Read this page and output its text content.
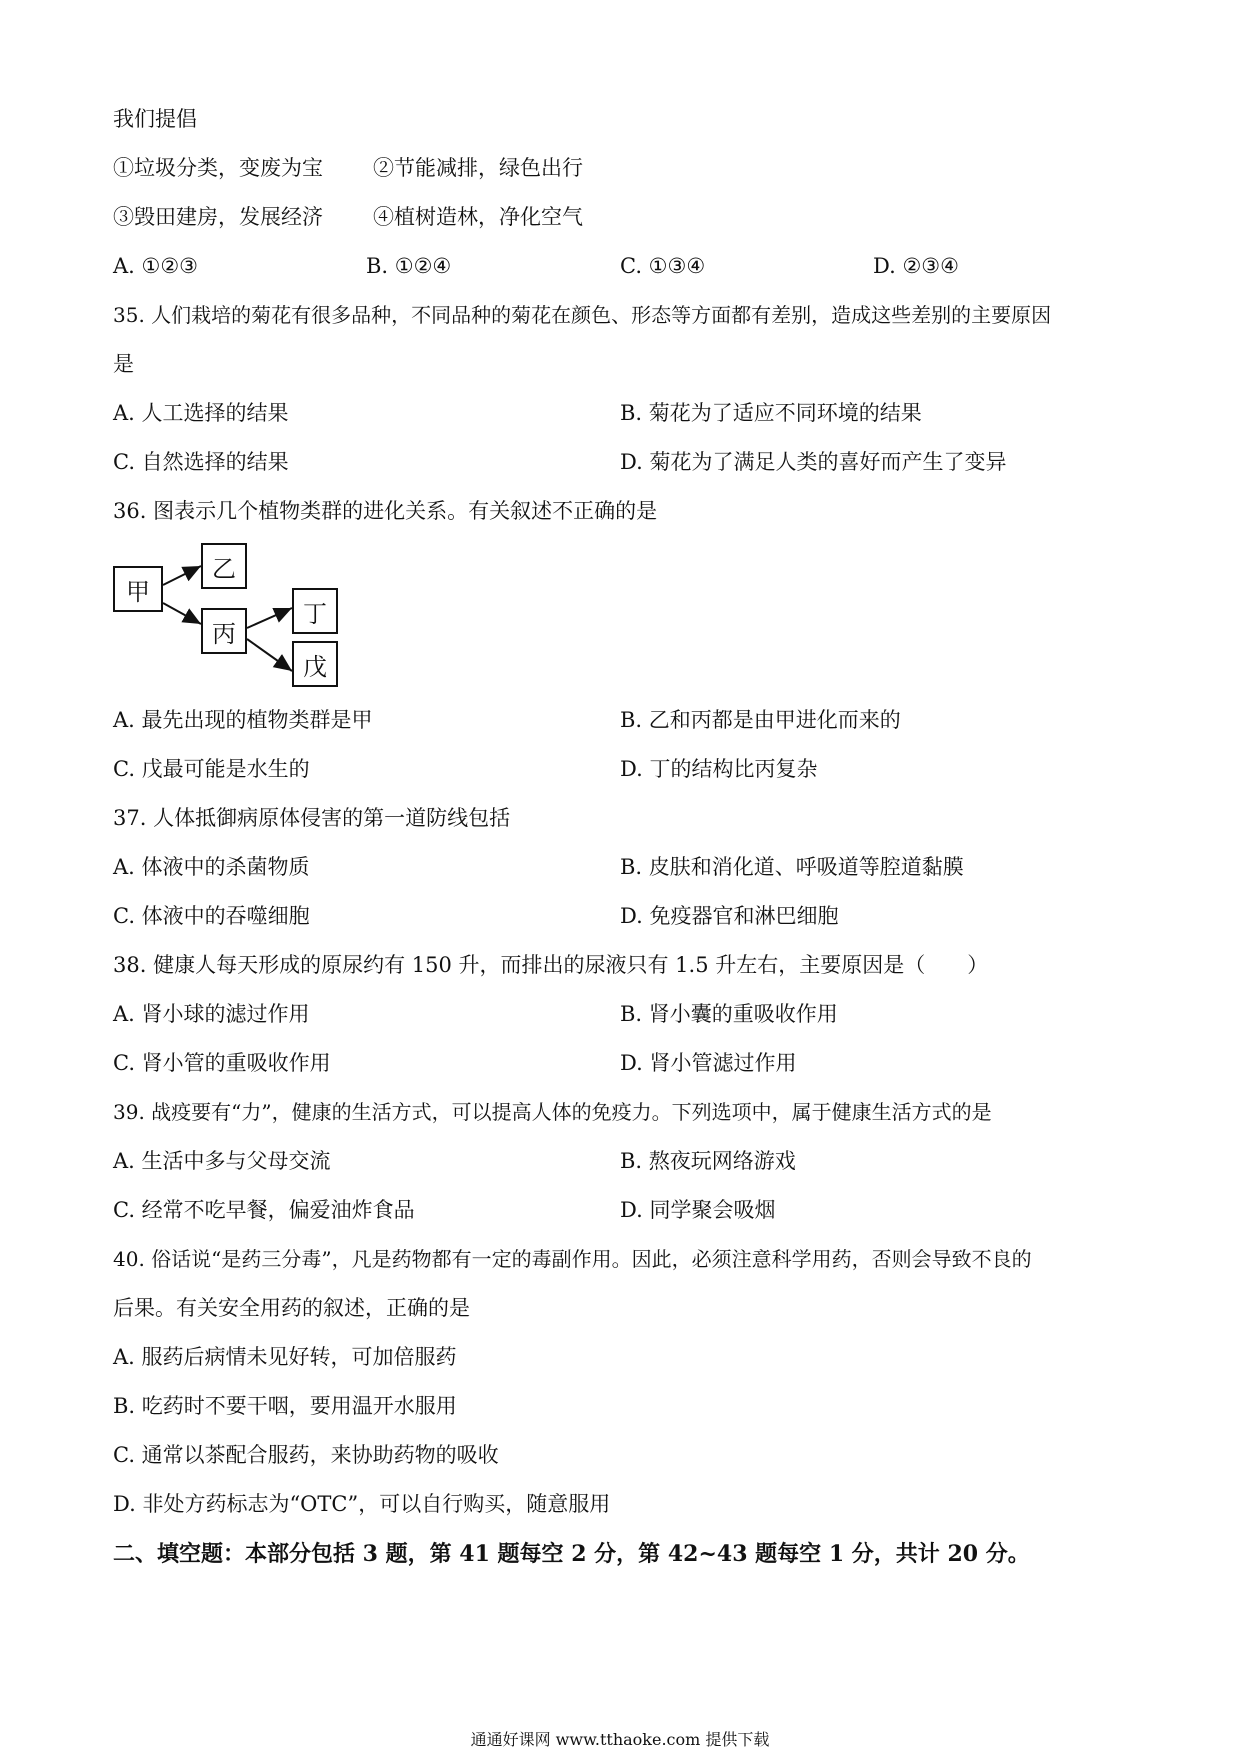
我们提倡
①垃圾分类，变废为宝 ②节能减排，绿色出行
③毁田建房，发展经济 ④植树造林，净化空气
A. ①②③	B. ①②④	C. ①③④	D. ②③④
35. 人们栽培的菊花有很多品种，不同品种的菊花在颜色、形态等方面都有差别，造成这些差别的主要原因
是
A. 人工选择的结果	B. 菊花为了适应不同环境的结果
C. 自然选择的结果	D. 菊花为了满足人类的喜好而产生了变异
36. 图表示几个植物类群的进化关系。有关叙述不正确的是
甲
乙
丙
丁
戊
A. 最先出现的植物类群是甲	B. 乙和丙都是由甲进化而来的
C. 戊最可能是水生的	D. 丁的结构比丙复杂
37. 人体抵御病原体侵害的第一道防线包括
A. 体液中的杀菌物质	B. 皮肤和消化道、呼吸道等腔道黏膜
C. 体液中的吞噬细胞	D. 免疫器官和淋巴细胞
38. 健康人每天形成的原尿约有 150 升，而排出的尿液只有 1.5 升左右，主要原因是（　　）
A. 肾小球的滤过作用	B. 肾小囊的重吸收作用
C. 肾小管的重吸收作用	D. 肾小管滤过作用
39. 战疫要有“力”，健康的生活方式，可以提高人体的免疫力。下列选项中，属于健康生活方式的是
A. 生活中多与父母交流	B. 熬夜玩网络游戏
C. 经常不吃早餐，偏爱油炸食品	D. 同学聚会吸烟
40. 俗话说“是药三分毒”，凡是药物都有一定的毒副作用。因此，必须注意科学用药，否则会导致不良的
后果。有关安全用药的叙述，正确的是
A. 服药后病情未见好转，可加倍服药
B. 吃药时不要干咽，要用温开水服用
C. 通常以茶配合服药，来协助药物的吸收
D. 非处方药标志为“OTC”，可以自行购买，随意服用
二、填空题：本部分包括 3 题，第 41 题每空 2 分，第 42~43 题每空 1 分，共计 20 分。
通通好课网 www.tthaoke.com 提供下载
